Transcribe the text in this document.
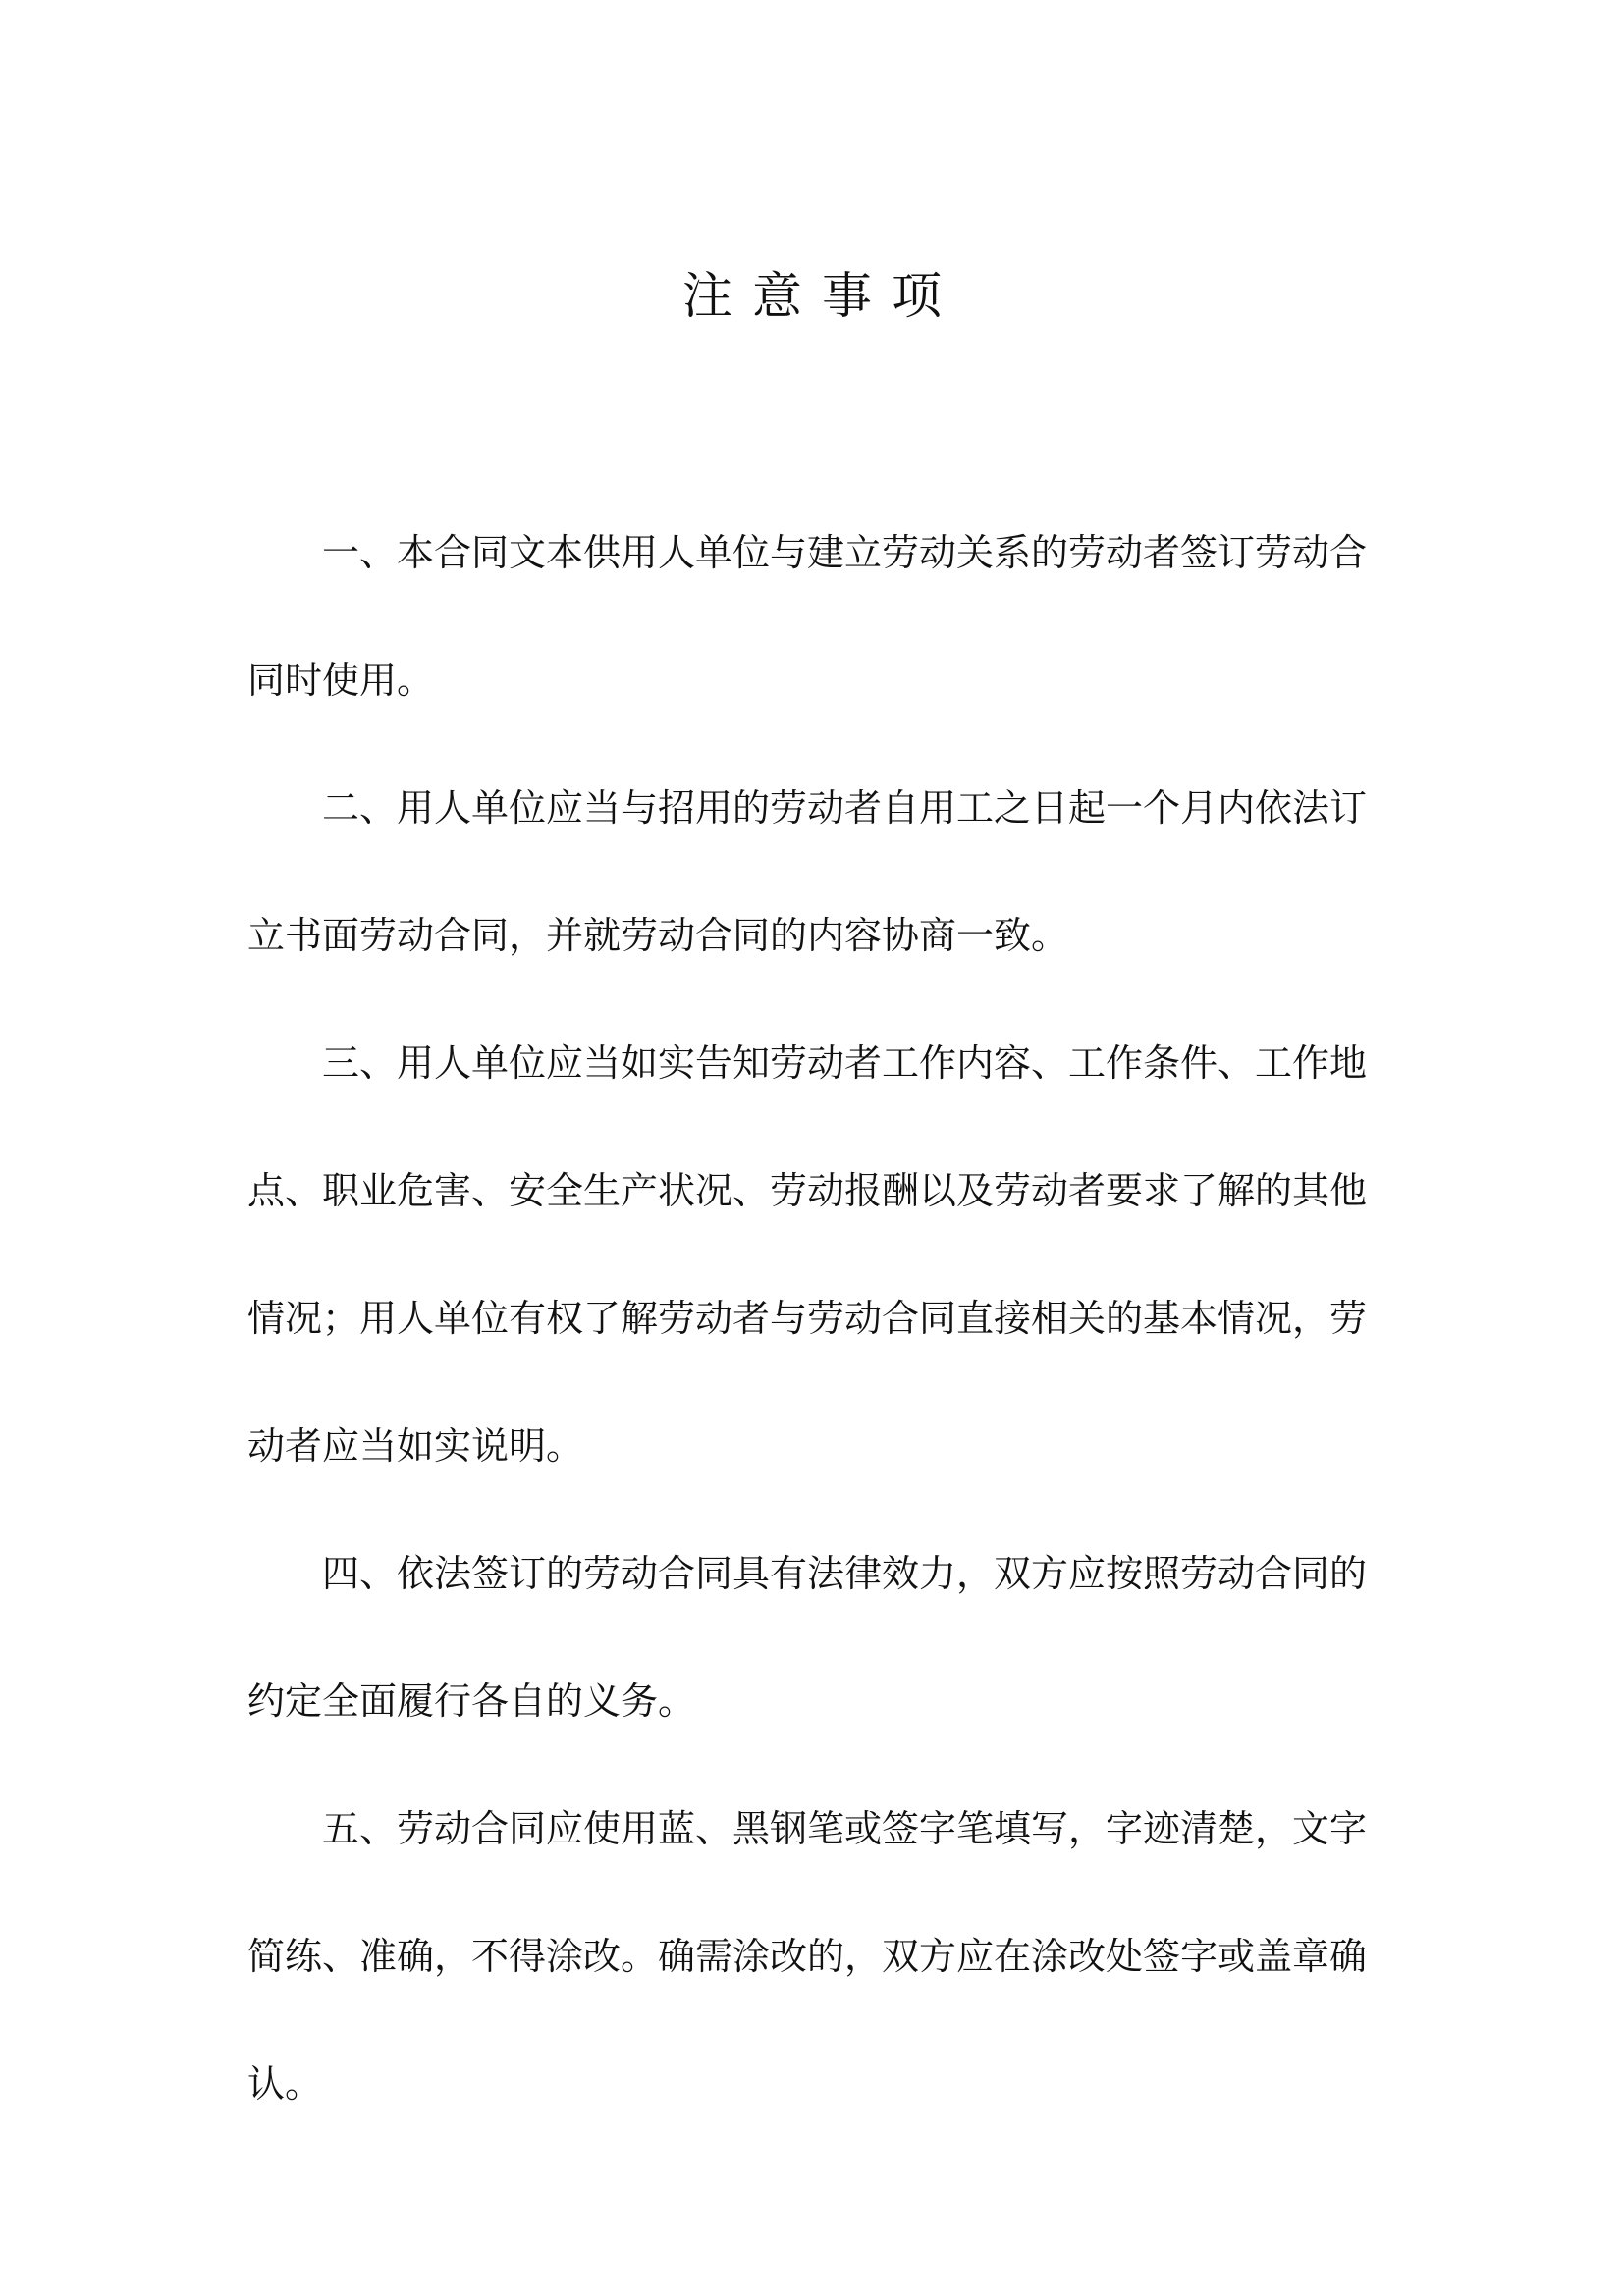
注意事项

一、本合同文本供用人单位与建立劳动关系的劳动者签订劳动合同时使用。

二、用人单位应当与招用的劳动者自用工之日起一个月内依法订立书面劳动合同，并就劳动合同的内容协商一致。

三、用人单位应当如实告知劳动者工作内容、工作条件、工作地点、职业危害、安全生产状况、劳动报酬以及劳动者要求了解的其他情况；用人单位有权了解劳动者与劳动合同直接相关的基本情况，劳动者应当如实说明。

四、依法签订的劳动合同具有法律效力，双方应按照劳动合同的约定全面履行各自的义务。

五、劳动合同应使用蓝、黑钢笔或签字笔填写，字迹清楚，文字简练、准确，不得涂改。确需涂改的，双方应在涂改处签字或盖章确认。
